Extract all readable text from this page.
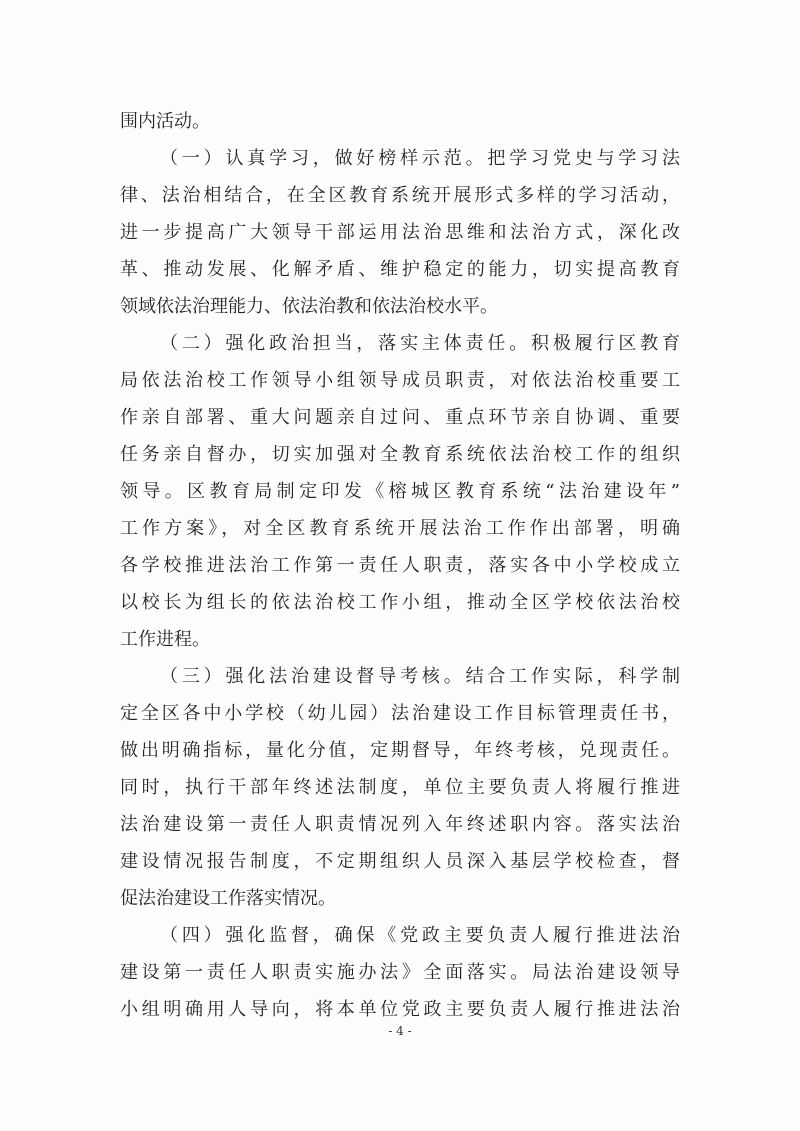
围内活动。
（一）认真学习，做好榜样示范。把学习党史与学习法
律、法治相结合，在全区教育系统开展形式多样的学习活动，
进一步提高广大领导干部运用法治思维和法治方式，深化改
革、推动发展、化解矛盾、维护稳定的能力，切实提高教育
领域依法治理能力、依法治教和依法治校水平。
（二）强化政治担当，落实主体责任。积极履行区教育
局依法治校工作领导小组领导成员职责，对依法治校重要工
作亲自部署、重大问题亲自过问、重点环节亲自协调、重要
任务亲自督办，切实加强对全教育系统依法治校工作的组织
领导。区教育局制定印发《榕城区教育系统“法治建设年”
工作方案》，对全区教育系统开展法治工作作出部署，明确
各学校推进法治工作第一责任人职责，落实各中小学校成立
以校长为组长的依法治校工作小组，推动全区学校依法治校
工作进程。
（三）强化法治建设督导考核。结合工作实际，科学制
定全区各中小学校（幼儿园）法治建设工作目标管理责任书，
做出明确指标，量化分值，定期督导，年终考核，兑现责任。
同时，执行干部年终述法制度，单位主要负责人将履行推进
法治建设第一责任人职责情况列入年终述职内容。落实法治
建设情况报告制度，不定期组织人员深入基层学校检查，督
促法治建设工作落实情况。
（四）强化监督，确保《党政主要负责人履行推进法治
建设第一责任人职责实施办法》全面落实。局法治建设领导
小组明确用人导向，将本单位党政主要负责人履行推进法治
- 4 -
